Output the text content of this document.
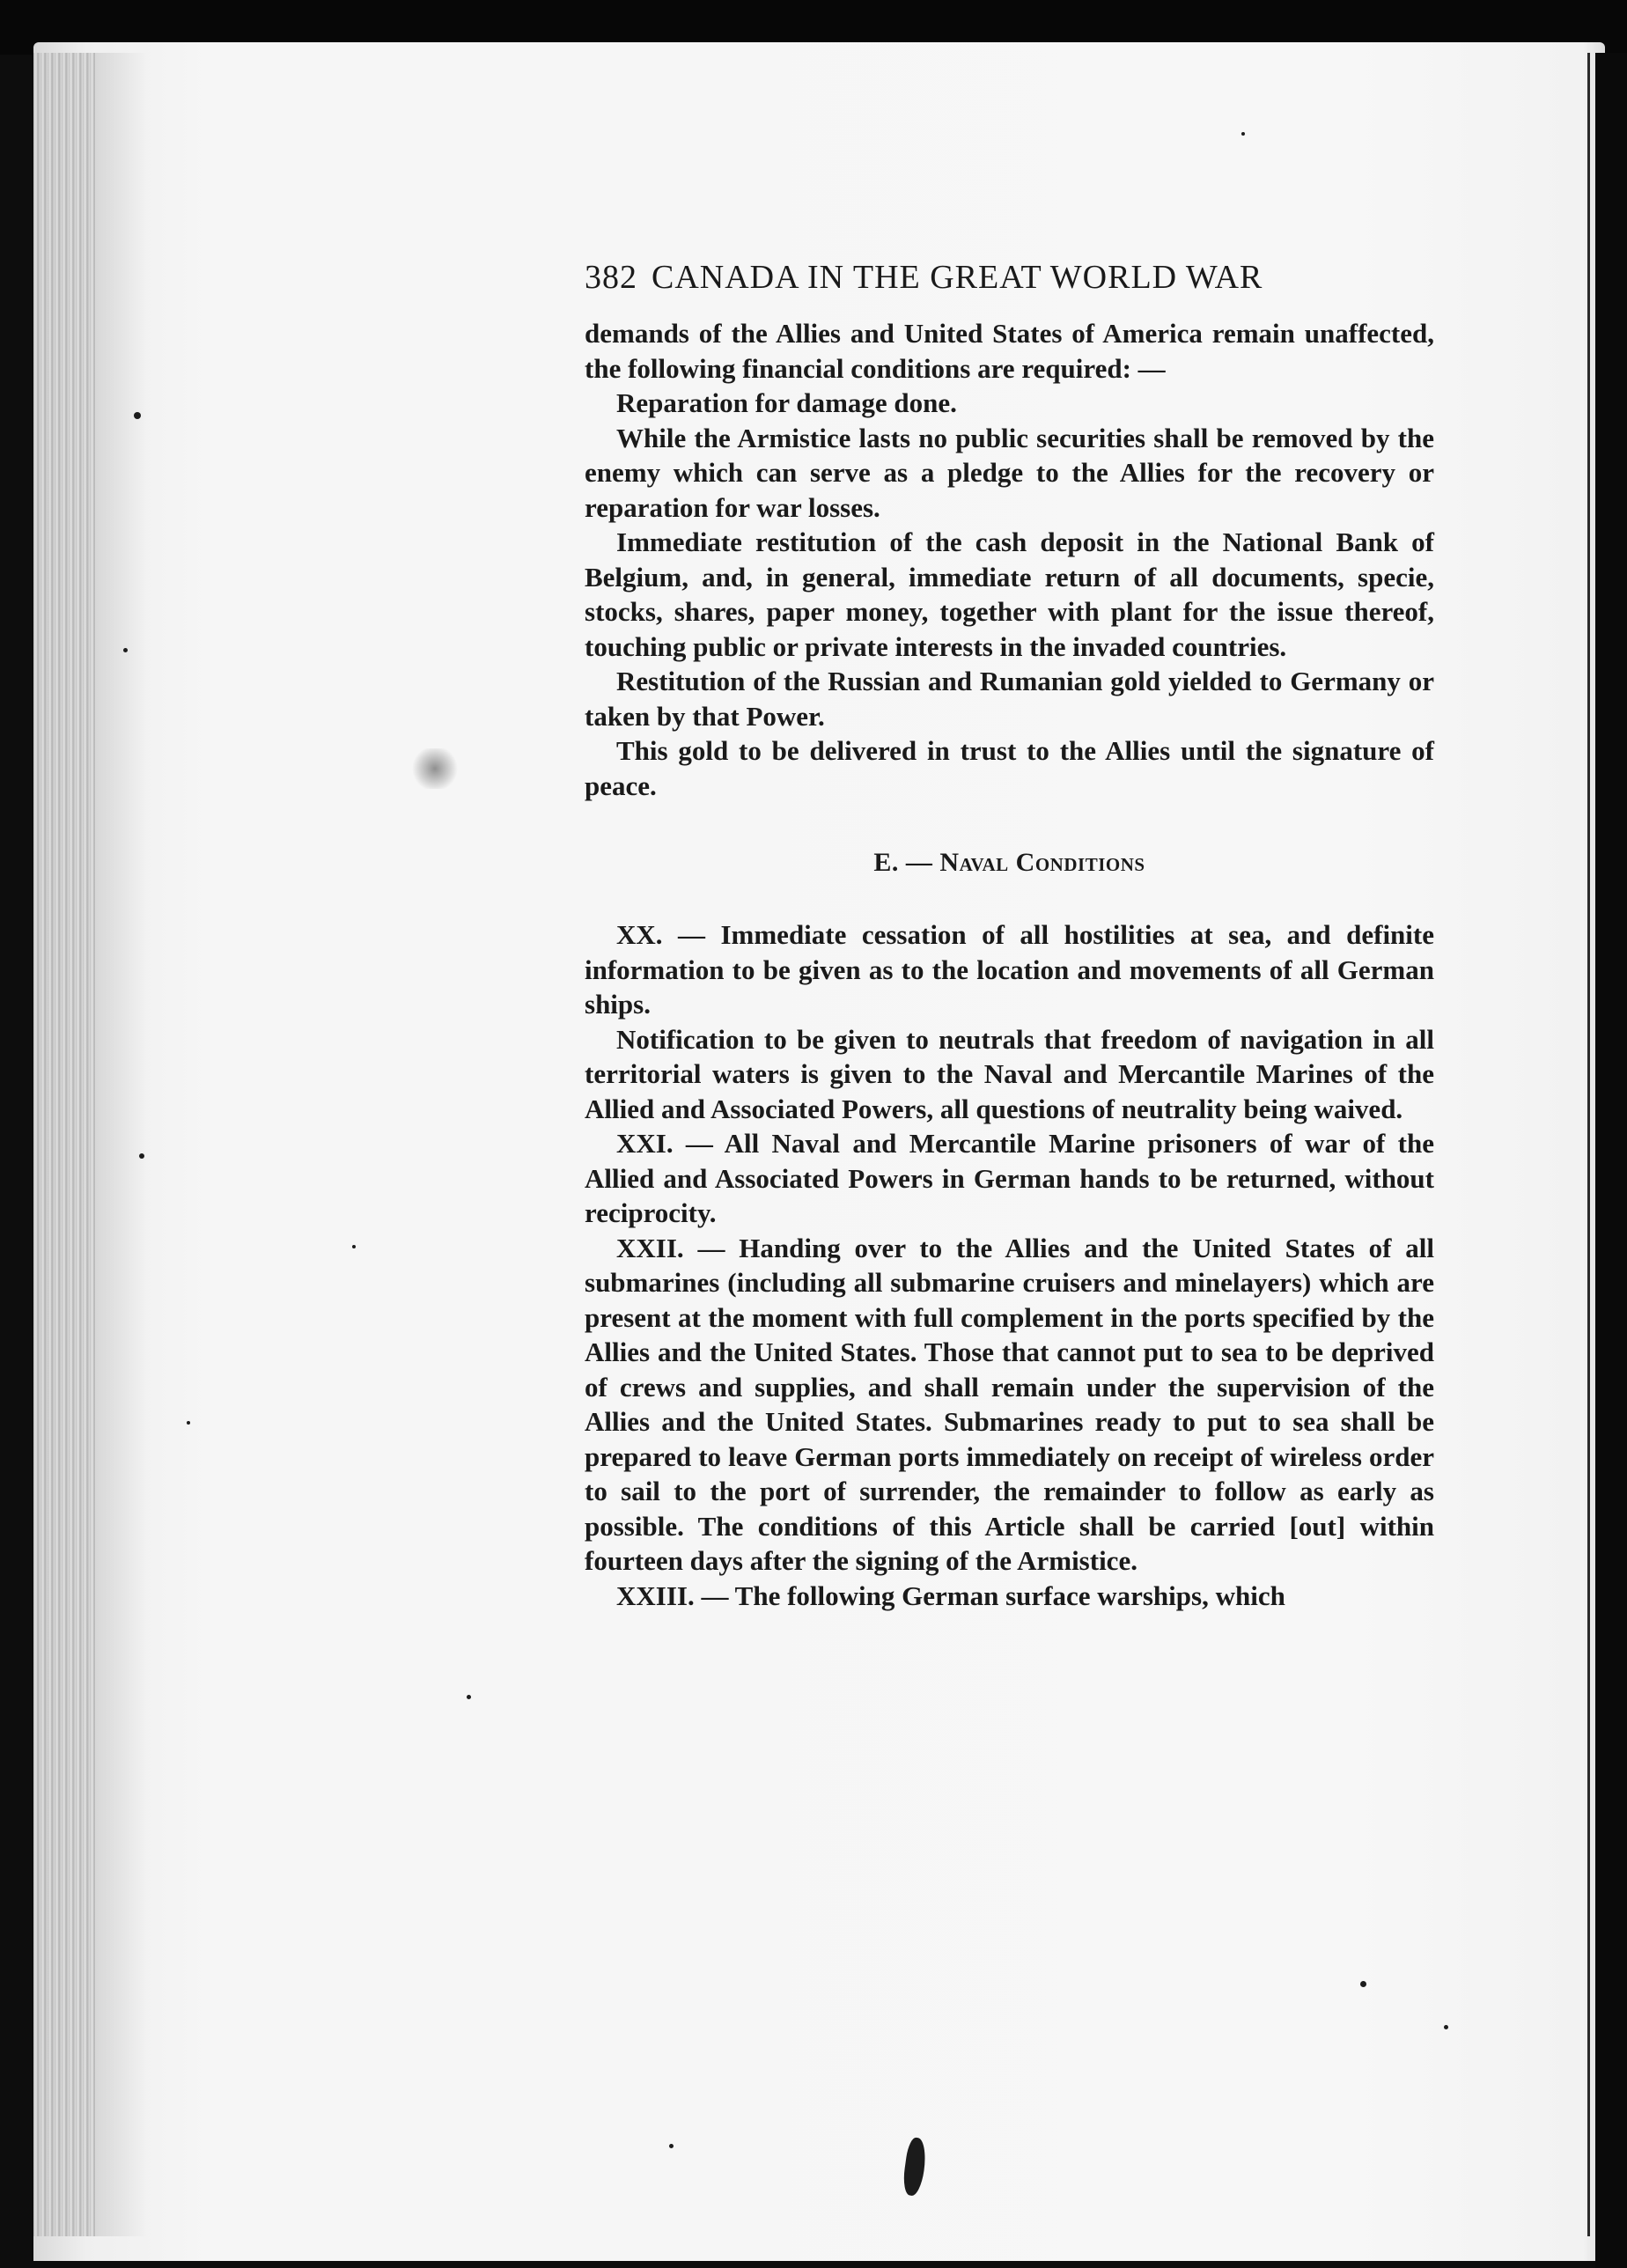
382 CANADA IN THE GREAT WORLD WAR

demands of the Allies and United States of America remain unaffected, the following financial conditions are required: —

Reparation for damage done.

While the Armistice lasts no public securities shall be removed by the enemy which can serve as a pledge to the Allies for the recovery or reparation for war losses.

Immediate restitution of the cash deposit in the National Bank of Belgium, and, in general, immediate return of all documents, specie, stocks, shares, paper money, together with plant for the issue thereof, touching public or private interests in the invaded countries.

Restitution of the Russian and Rumanian gold yielded to Germany or taken by that Power.

This gold to be delivered in trust to the Allies until the signature of peace.

E. — Naval Conditions

XX. — Immediate cessation of all hostilities at sea, and definite information to be given as to the location and movements of all German ships.

Notification to be given to neutrals that freedom of navigation in all territorial waters is given to the Naval and Mercantile Marines of the Allied and Associated Powers, all questions of neutrality being waived.

XXI. — All Naval and Mercantile Marine prisoners of war of the Allied and Associated Powers in German hands to be returned, without reciprocity.

XXII. — Handing over to the Allies and the United States of all submarines (including all submarine cruisers and minelayers) which are present at the moment with full complement in the ports specified by the Allies and the United States. Those that cannot put to sea to be deprived of crews and supplies, and shall remain under the supervision of the Allies and the United States. Submarines ready to put to sea shall be prepared to leave German ports immediately on receipt of wireless order to sail to the port of surrender, the remainder to follow as early as possible. The conditions of this Article shall be carried [out] within fourteen days after the signing of the Armistice.

XXIII. — The following German surface warships, which
